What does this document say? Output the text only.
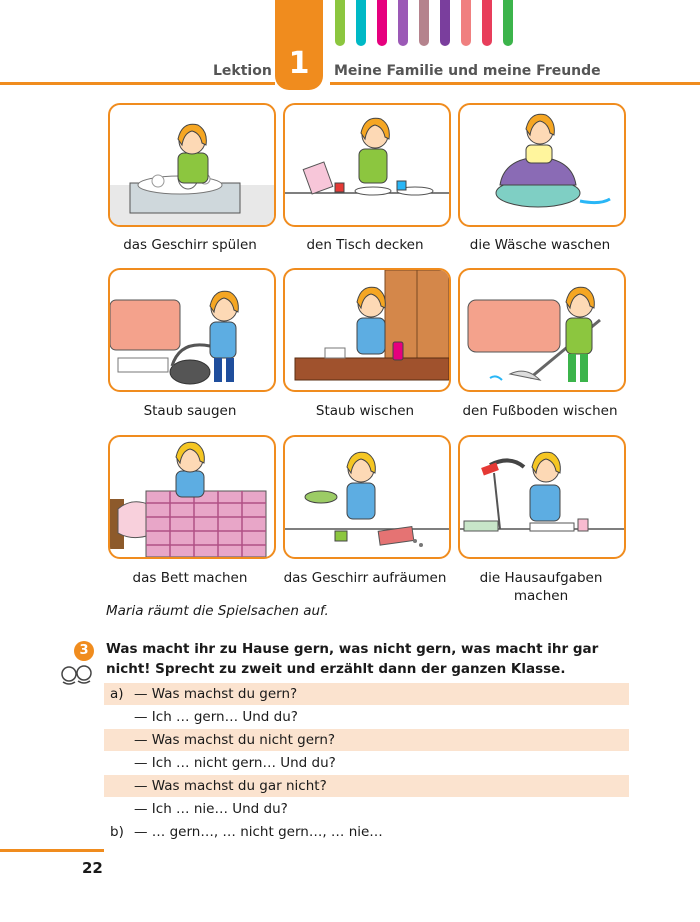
1
Lektion	Meine Familie und meine Freunde
das Geschirr spülen	den Tisch decken	die Wäsche waschen
Staub saugen	Staub wischen	den Fußboden wischen
das Bett machen	das Geschirr aufräumen	die Hausaufgaben machen
Maria räumt die Spielsachen auf.
3	Was macht ihr zu Hause gern, was nicht gern, was macht ihr gar nicht! Sprecht zu zweit und erzählt dann der ganzen Klasse.
a) — Was machst du gern?
— Ich … gern… Und du?
— Was machst du nicht gern?
— Ich … nicht gern… Und du?
— Was machst du gar nicht?
— Ich … nie… Und du?
b) — … gern…, … nicht gern…, … nie…
22
